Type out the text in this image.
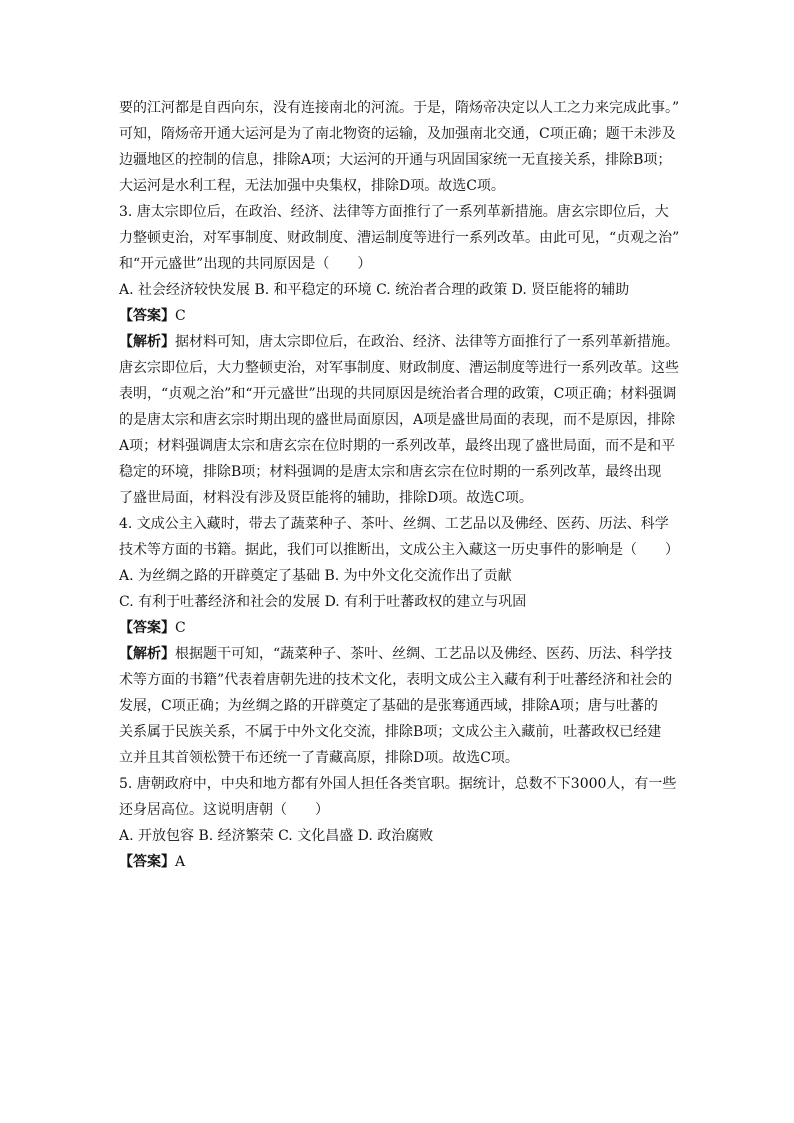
要的江河都是自西向东，没有连接南北的河流。于是，隋炀帝决定以人工之力来完成此事。”
可知，隋炀帝开通大运河是为了南北物资的运输，及加强南北交通，C项正确；题干未涉及
边疆地区的控制的信息，排除A项；大运河的开通与巩固国家统一无直接关系，排除B项；
大运河是水利工程，无法加强中央集权，排除D项。故选C项。
3. 唐太宗即位后，在政治、经济、法律等方面推行了一系列革新措施。唐玄宗即位后，大
力整顿吏治，对军事制度、财政制度、漕运制度等进行一系列改革。由此可见，“贞观之治”
和“开元盛世”出现的共同原因是（　　）
A. 社会经济较快发展 B. 和平稳定的环境 C. 统治者合理的政策 D. 贤臣能将的辅助
【答案】C
【解析】据材料可知，唐太宗即位后，在政治、经济、法律等方面推行了一系列革新措施。
唐玄宗即位后，大力整顿吏治，对军事制度、财政制度、漕运制度等进行一系列改革。这些
表明，“贞观之治”和“开元盛世”出现的共同原因是统治者合理的政策，C项正确；材料强调
的是唐太宗和唐玄宗时期出现的盛世局面原因，A项是盛世局面的表现，而不是原因，排除
A项；材料强调唐太宗和唐玄宗在位时期的一系列改革，最终出现了盛世局面，而不是和平
稳定的环境，排除B项；材料强调的是唐太宗和唐玄宗在位时期的一系列改革，最终出现
了盛世局面，材料没有涉及贤臣能将的辅助，排除D项。故选C项。
4. 文成公主入藏时，带去了蔬菜种子、茶叶、丝绸、工艺品以及佛经、医药、历法、科学
技术等方面的书籍。据此，我们可以推断出，文成公主入藏这一历史事件的影响是（　　）
A. 为丝绸之路的开辟奠定了基础 B. 为中外文化交流作出了贡献
C. 有利于吐蕃经济和社会的发展 D. 有利于吐蕃政权的建立与巩固
【答案】C
【解析】根据题干可知，“蔬菜种子、茶叶、丝绸、工艺品以及佛经、医药、历法、科学技
术等方面的书籍”代表着唐朝先进的技术文化，表明文成公主入藏有利于吐蕃经济和社会的
发展，C项正确；为丝绸之路的开辟奠定了基础的是张骞通西域，排除A项；唐与吐蕃的
关系属于民族关系，不属于中外文化交流，排除B项；文成公主入藏前，吐蕃政权已经建
立并且其首领松赞干布还统一了青藏高原，排除D项。故选C项。
5. 唐朝政府中，中央和地方都有外国人担任各类官职。据统计，总数不下3000人，有一些
还身居高位。这说明唐朝（　　）
A. 开放包容 B. 经济繁荣 C. 文化昌盛 D. 政治腐败
【答案】A
